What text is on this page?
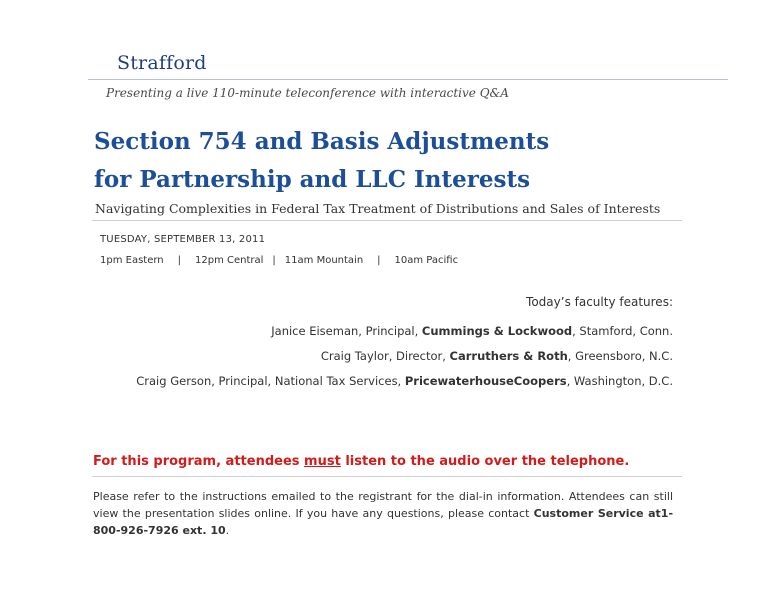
Strafford
Presenting a live 110-minute teleconference with interactive Q&A
Section 754 and Basis Adjustments
for Partnership and LLC Interests
Navigating Complexities in Federal Tax Treatment of Distributions and Sales of Interests
TUESDAY, SEPTEMBER 13, 2011
1pm Eastern	|	12pm Central | 11am Mountain	|	10am Pacific
Today’s faculty features:
Janice Eiseman, Principal, Cummings & Lockwood, Stamford, Conn.
Craig Taylor, Director, Carruthers & Roth, Greensboro, N.C.
Craig Gerson, Principal, National Tax Services, PricewaterhouseCoopers, Washington, D.C.
For this program, attendees must listen to the audio over the telephone.
Please refer to the instructions emailed to the registrant for the dial-in information. Attendees can still view the presentation slides online. If you have any questions, please contact Customer Service at1-800-926-7926 ext. 10.
